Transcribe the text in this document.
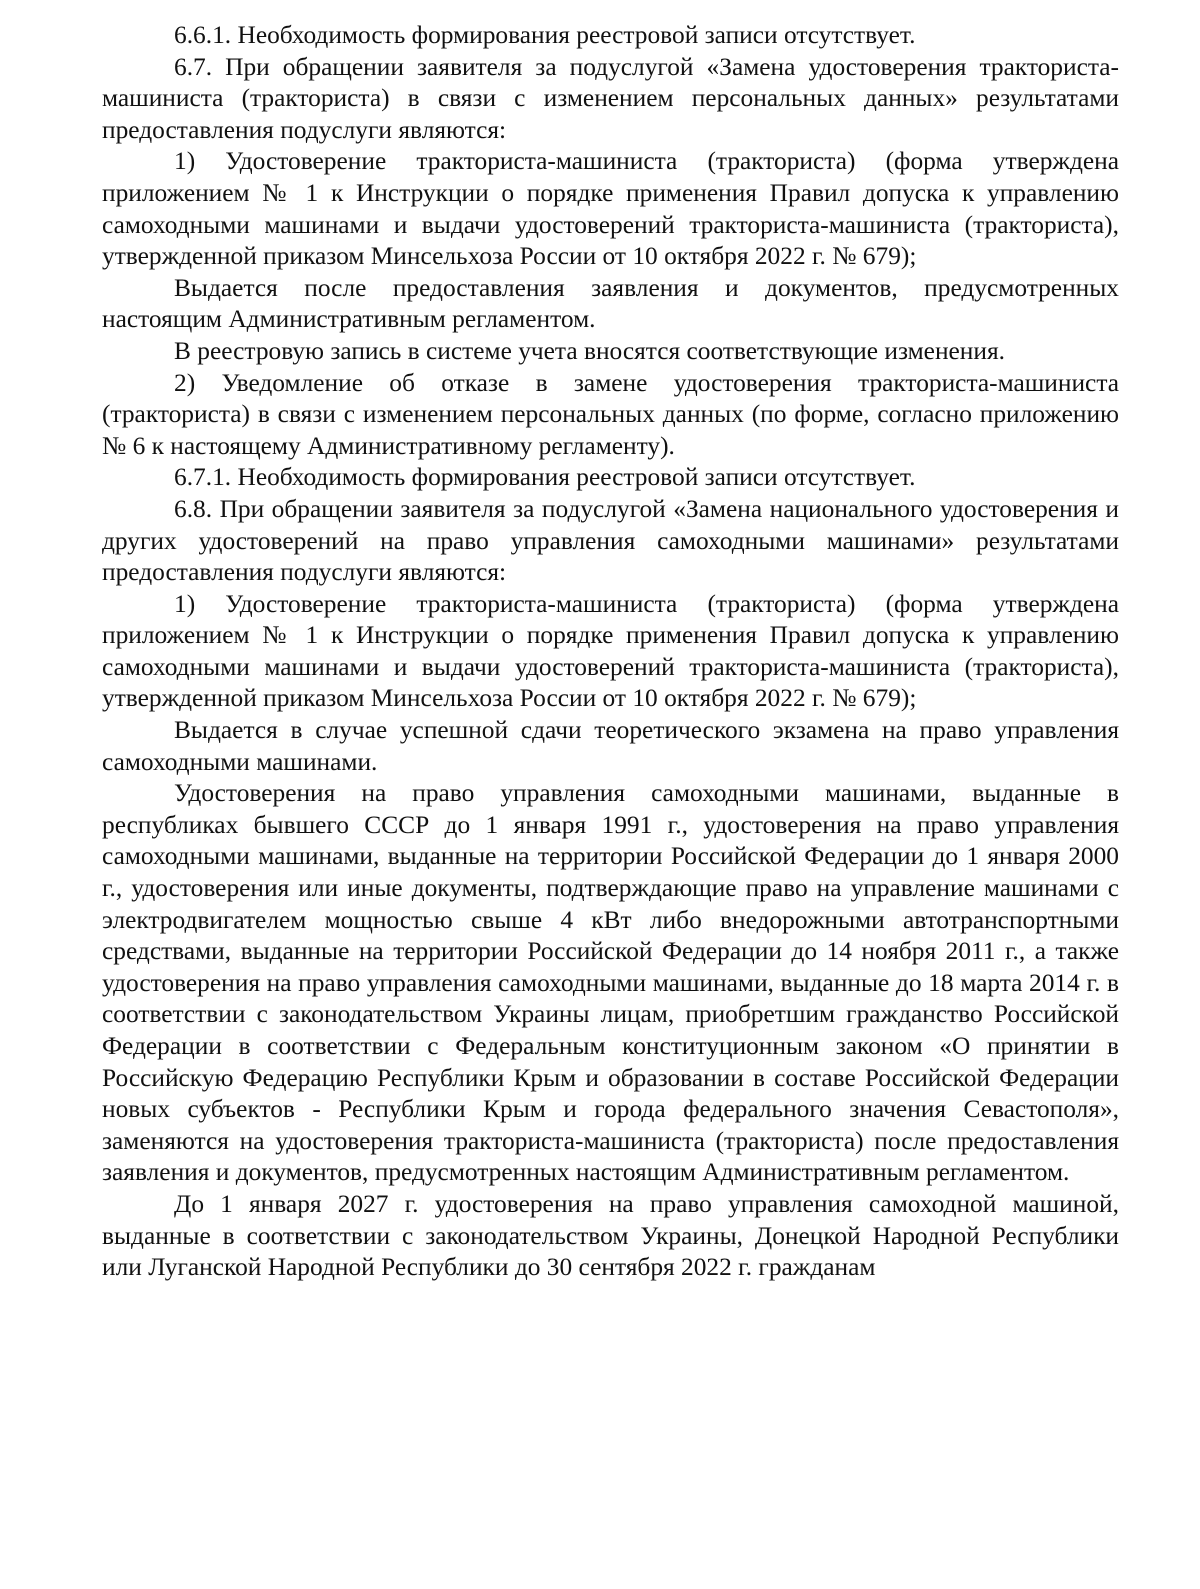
6.6.1. Необходимость формирования реестровой записи отсутствует.

6.7. При обращении заявителя за подуслугой «Замена удостоверения тракториста-машиниста (тракториста) в связи с изменением персональных данных» результатами предоставления подуслуги являются:

1) Удостоверение тракториста-машиниста (тракториста) (форма утверждена приложением № 1 к Инструкции о порядке применения Правил допуска к управлению самоходными машинами и выдачи удостоверений тракториста-машиниста (тракториста), утвержденной приказом Минсельхоза России от 10 октября 2022 г. № 679);

Выдается после предоставления заявления и документов, предусмотренных настоящим Административным регламентом.

В реестровую запись в системе учета вносятся соответствующие изменения.

2) Уведомление об отказе в замене удостоверения тракториста-машиниста (тракториста) в связи с изменением персональных данных (по форме, согласно приложению № 6 к настоящему Административному регламенту).

6.7.1. Необходимость формирования реестровой записи отсутствует.

6.8. При обращении заявителя за подуслугой «Замена национального удостоверения и других удостоверений на право управления самоходными машинами» результатами предоставления подуслуги являются:

1) Удостоверение тракториста-машиниста (тракториста) (форма утверждена приложением № 1 к Инструкции о порядке применения Правил допуска к управлению самоходными машинами и выдачи удостоверений тракториста-машиниста (тракториста), утвержденной приказом Минсельхоза России от 10 октября 2022 г. № 679);

Выдается в случае успешной сдачи теоретического экзамена на право управления самоходными машинами.

Удостоверения на право управления самоходными машинами, выданные в республиках бывшего СССР до 1 января 1991 г., удостоверения на право управления самоходными машинами, выданные на территории Российской Федерации до 1 января 2000 г., удостоверения или иные документы, подтверждающие право на управление машинами с электродвигателем мощностью свыше 4 кВт либо внедорожными автотранспортными средствами, выданные на территории Российской Федерации до 14 ноября 2011 г., а также удостоверения на право управления самоходными машинами, выданные до 18 марта 2014 г. в соответствии с законодательством Украины лицам, приобретшим гражданство Российской Федерации в соответствии с Федеральным конституционным законом «О принятии в Российскую Федерацию Республики Крым и образовании в составе Российской Федерации новых субъектов - Республики Крым и города федерального значения Севастополя», заменяются на удостоверения тракториста-машиниста (тракториста) после предоставления заявления и документов, предусмотренных настоящим Административным регламентом.

До 1 января 2027 г. удостоверения на право управления самоходной машиной, выданные в соответствии с законодательством Украины, Донецкой Народной Республики или Луганской Народной Республики до 30 сентября 2022 г. гражданам
